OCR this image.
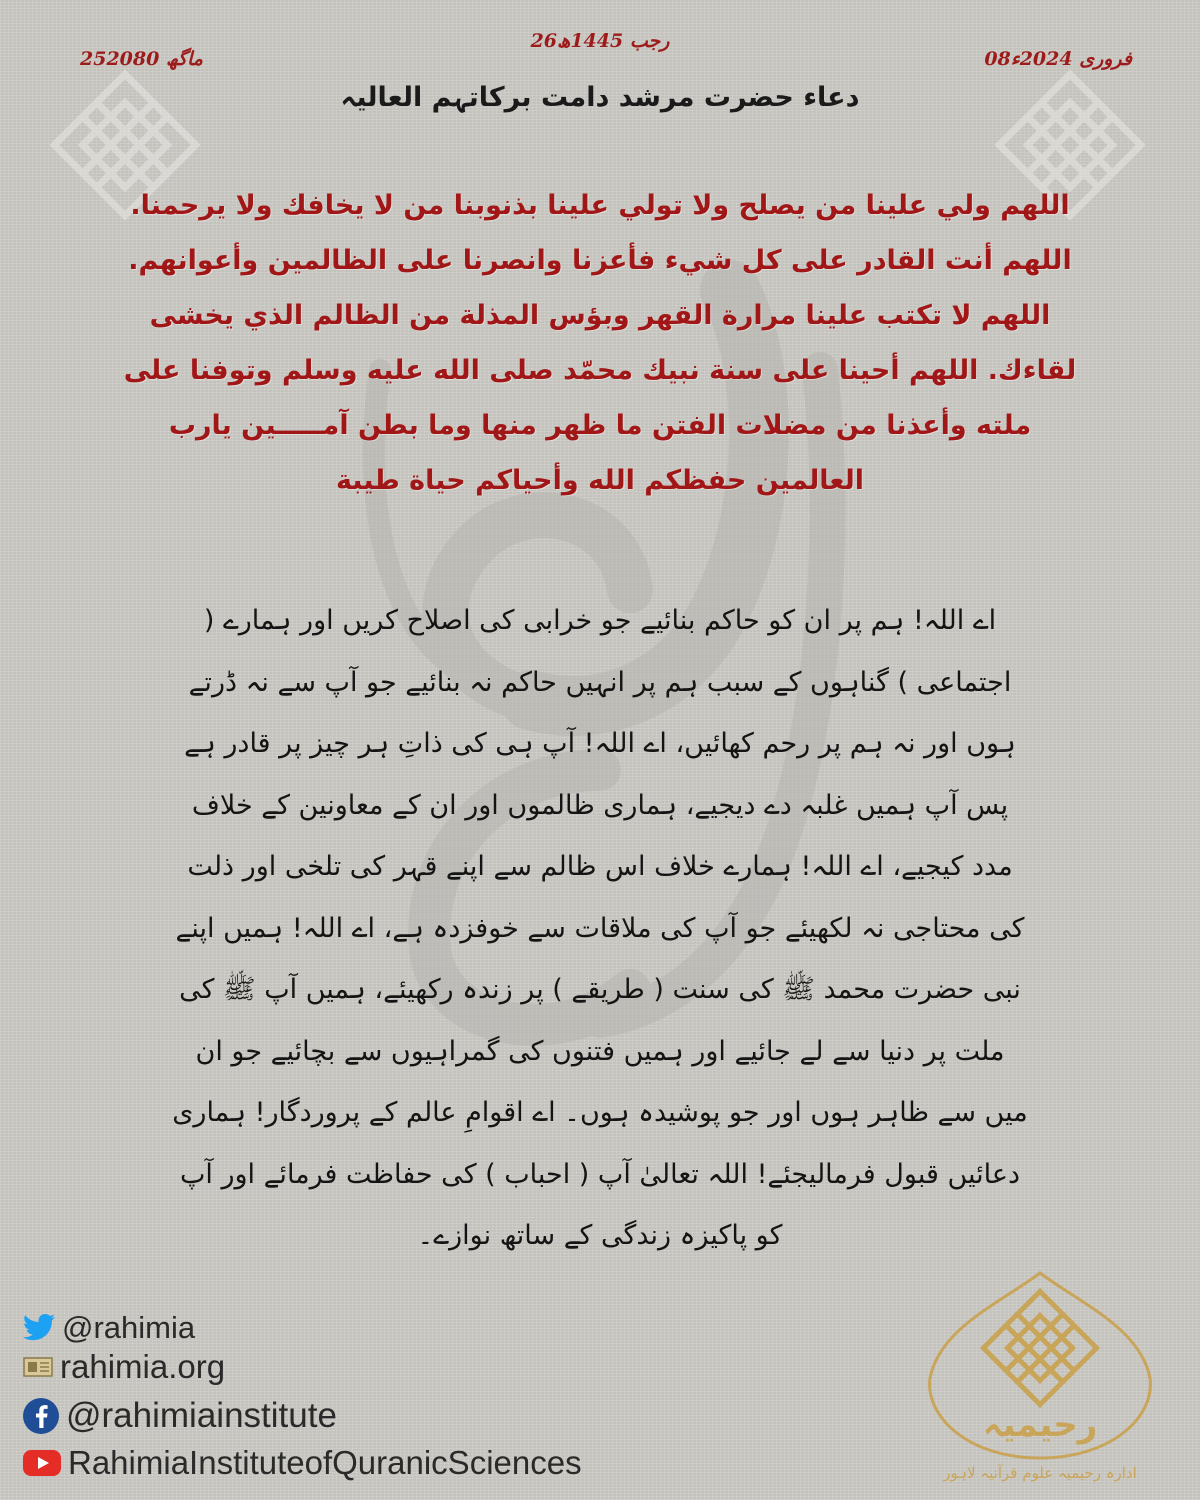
26رجب 1445ھ
08فروری 2024ء
25ماگھ 2080
دعاء حضرت مرشد دامت برکاتہم العالیہ
اللهم ولي علينا من يصلح ولا تولي علينا بذنوبنا من لا يخافك ولا يرحمنا. اللهم أنت القادر على كل شيء فأعزنا وانصرنا على الظالمين وأعوانهم. اللهم لا تكتب علينا مرارة القهر وبؤس المذلة من الظالم الذي يخشى لقاءك. اللهم أحينا على سنة نبيك محمّد صلى الله عليه وسلم وتوفنا على ملته وأعذنا من مضلات الفتن ما ظهر منها وما بطن آمـــــين يارب العالمين حفظكم الله وأحياكم حياة طيبة
اے اللہ! ہم پر ان کو حاکم بنائیے جو خرابی کی اصلاح کریں اور ہمارے ( اجتماعی ) گناہوں کے سبب ہم پر انہیں حاکم نہ بنائیے جو آپ سے نہ ڈرتے ہوں اور نہ ہم پر رحم کھائیں، اے اللہ! آپ ہی کی ذاتِ ہر چیز پر قادر ہے پس آپ ہمیں غلبہ دے دیجیے، ہماری ظالموں اور ان کے معاونین کے خلاف مدد کیجیے، اے اللہ! ہمارے خلاف اس ظالم سے اپنے قہر کی تلخی اور ذلت کی محتاجی نہ لکھیئے جو آپ کی ملاقات سے خوفزدہ ہے، اے اللہ! ہمیں اپنے نبی حضرت محمد ﷺ کی سنت ( طریقے ) پر زندہ رکھیئے، ہمیں آپ ﷺ کی ملت پر دنیا سے لے جائیے اور ہمیں فتنوں کی گمراہیوں سے بچائیے جو ان میں سے ظاہر ہوں اور جو پوشیدہ ہوں۔ اے اقوامِ عالم کے پروردگار! ہماری دعائیں قبول فرمالیجئے! اللہ تعالیٰ آپ ( احباب ) کی حفاظت فرمائے اور آپ کو پاکیزہ زندگی کے ساتھ نوازے۔
@rahimia
rahimia.org
@rahimiainstitute
RahimiaInstituteofQuranicSciences
رحیمیہ
ادارہ رحیمیہ علوم قرآنیہ لاہور
